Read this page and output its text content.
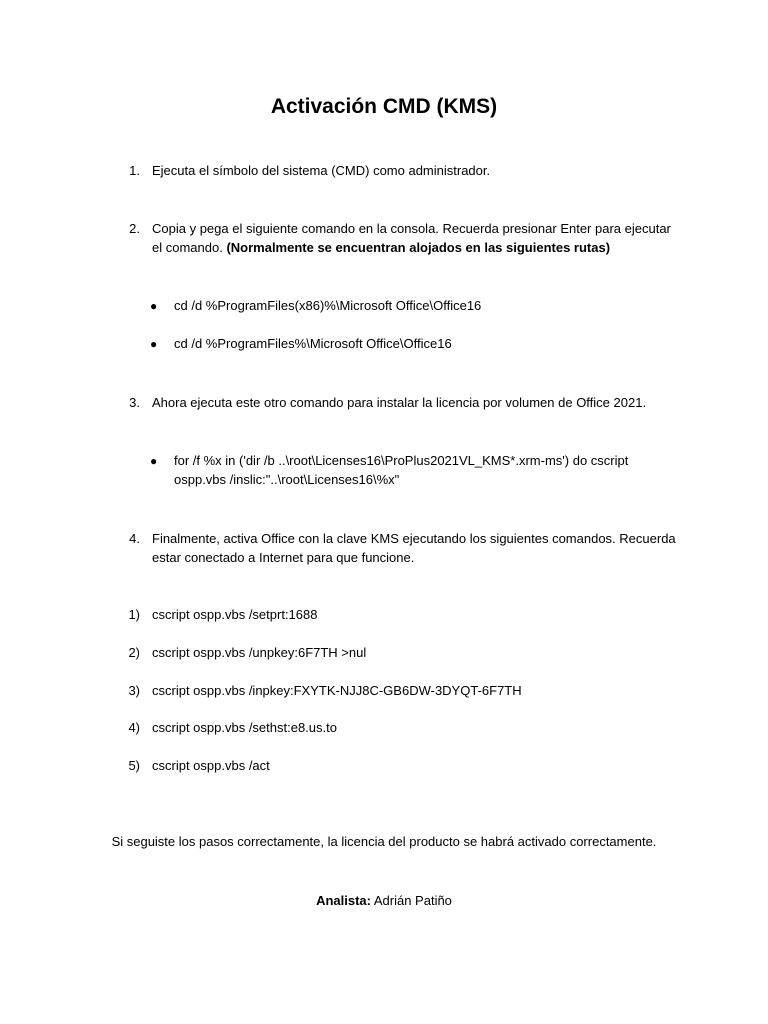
Activación CMD (KMS)
1. Ejecuta el símbolo del sistema (CMD) como administrador.
2. Copia y pega el siguiente comando en la consola. Recuerda presionar Enter para ejecutar
el comando. (Normalmente se encuentran alojados en las siguientes rutas)
● cd /d %ProgramFiles(x86)%\Microsoft Office\Office16
● cd /d %ProgramFiles%\Microsoft Office\Office16
3. Ahora ejecuta este otro comando para instalar la licencia por volumen de Office 2021.
● for /f %x in ('dir /b ..\root\Licenses16\ProPlus2021VL_KMS*.xrm-ms') do cscript
ospp.vbs /inslic:"..\root\Licenses16\%x"
4. Finalmente, activa Office con la clave KMS ejecutando los siguientes comandos. Recuerda
estar conectado a Internet para que funcione.
1) cscript ospp.vbs /setprt:1688
2) cscript ospp.vbs /unpkey:6F7TH >nul
3) cscript ospp.vbs /inpkey:FXYTK-NJJ8C-GB6DW-3DYQT-6F7TH
4) cscript ospp.vbs /sethst:e8.us.to
5) cscript ospp.vbs /act
Si seguiste los pasos correctamente, la licencia del producto se habrá activado correctamente.
Analista: Adrián Patiño
